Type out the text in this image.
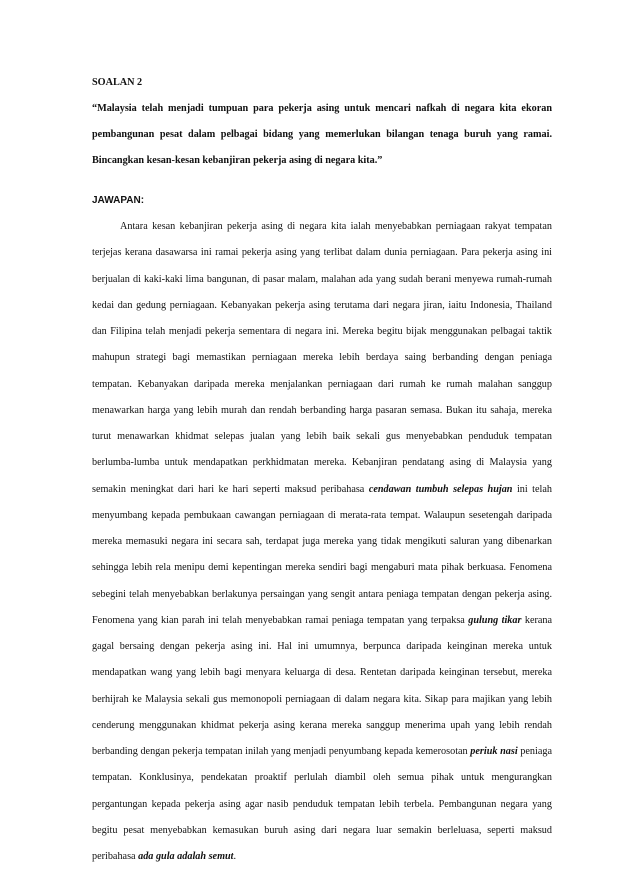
SOALAN 2

“Malaysia telah menjadi tumpuan para pekerja asing untuk mencari nafkah di negara kita ekoran pembangunan pesat dalam pelbagai bidang yang memerlukan bilangan tenaga buruh yang ramai. Bincangkan kesan-kesan kebanjiran pekerja asing di negara kita.”

JAWAPAN:

Antara kesan kebanjiran pekerja asing di negara kita ialah menyebabkan perniagaan rakyat tempatan terjejas kerana dasawarsa ini ramai pekerja asing yang terlibat dalam dunia perniagaan. Para pekerja asing ini berjualan di kaki-kaki lima bangunan, di pasar malam, malahan ada yang sudah berani menyewa rumah-rumah kedai dan gedung perniagaan. Kebanyakan pekerja asing terutama dari negara jiran, iaitu Indonesia, Thailand dan Filipina telah menjadi pekerja sementara di negara ini. Mereka begitu bijak menggunakan pelbagai taktik mahupun strategi bagi memastikan perniagaan mereka lebih berdaya saing berbanding dengan peniaga tempatan. Kebanyakan daripada mereka menjalankan perniagaan dari rumah ke rumah malahan sanggup menawarkan harga yang lebih murah dan rendah berbanding harga pasaran semasa. Bukan itu sahaja, mereka turut menawarkan khidmat selepas jualan yang lebih baik sekali gus menyebabkan penduduk tempatan berlumba-lumba untuk mendapatkan perkhidmatan mereka. Kebanjiran pendatang asing di Malaysia yang semakin meningkat dari hari ke hari seperti maksud peribahasa cendawan tumbuh selepas hujan ini telah menyumbang kepada pembukaan cawangan perniagaan di merata-rata tempat. Walaupun sesetengah daripada mereka memasuki negara ini secara sah, terdapat juga mereka yang tidak mengikuti saluran yang dibenarkan sehingga lebih rela menipu demi kepentingan mereka sendiri bagi mengaburi mata pihak berkuasa. Fenomena sebegini telah menyebabkan berlakunya persaingan yang sengit antara peniaga tempatan dengan pekerja asing. Fenomena yang kian parah ini telah menyebabkan ramai peniaga tempatan yang terpaksa gulung tikar kerana gagal bersaing dengan pekerja asing ini. Hal ini umumnya, berpunca daripada keinginan mereka untuk mendapatkan wang yang lebih bagi menyara keluarga di desa. Rentetan daripada keinginan tersebut, mereka berhijrah ke Malaysia sekali gus memonopoli perniagaan di dalam negara kita. Sikap para majikan yang lebih cenderung menggunakan khidmat pekerja asing kerana mereka sanggup menerima upah yang lebih rendah berbanding dengan pekerja tempatan inilah yang menjadi penyumbang kepada kemerosotan periuk nasi peniaga tempatan. Konklusinya, pendekatan proaktif perlulah diambil oleh semua pihak untuk mengurangkan pergantungan kepada pekerja asing agar nasib penduduk tempatan lebih terbela. Pembangunan negara yang begitu pesat menyebabkan kemasukan buruh asing dari negara luar semakin berleluasa, seperti maksud peribahasa ada gula adalah semut.
